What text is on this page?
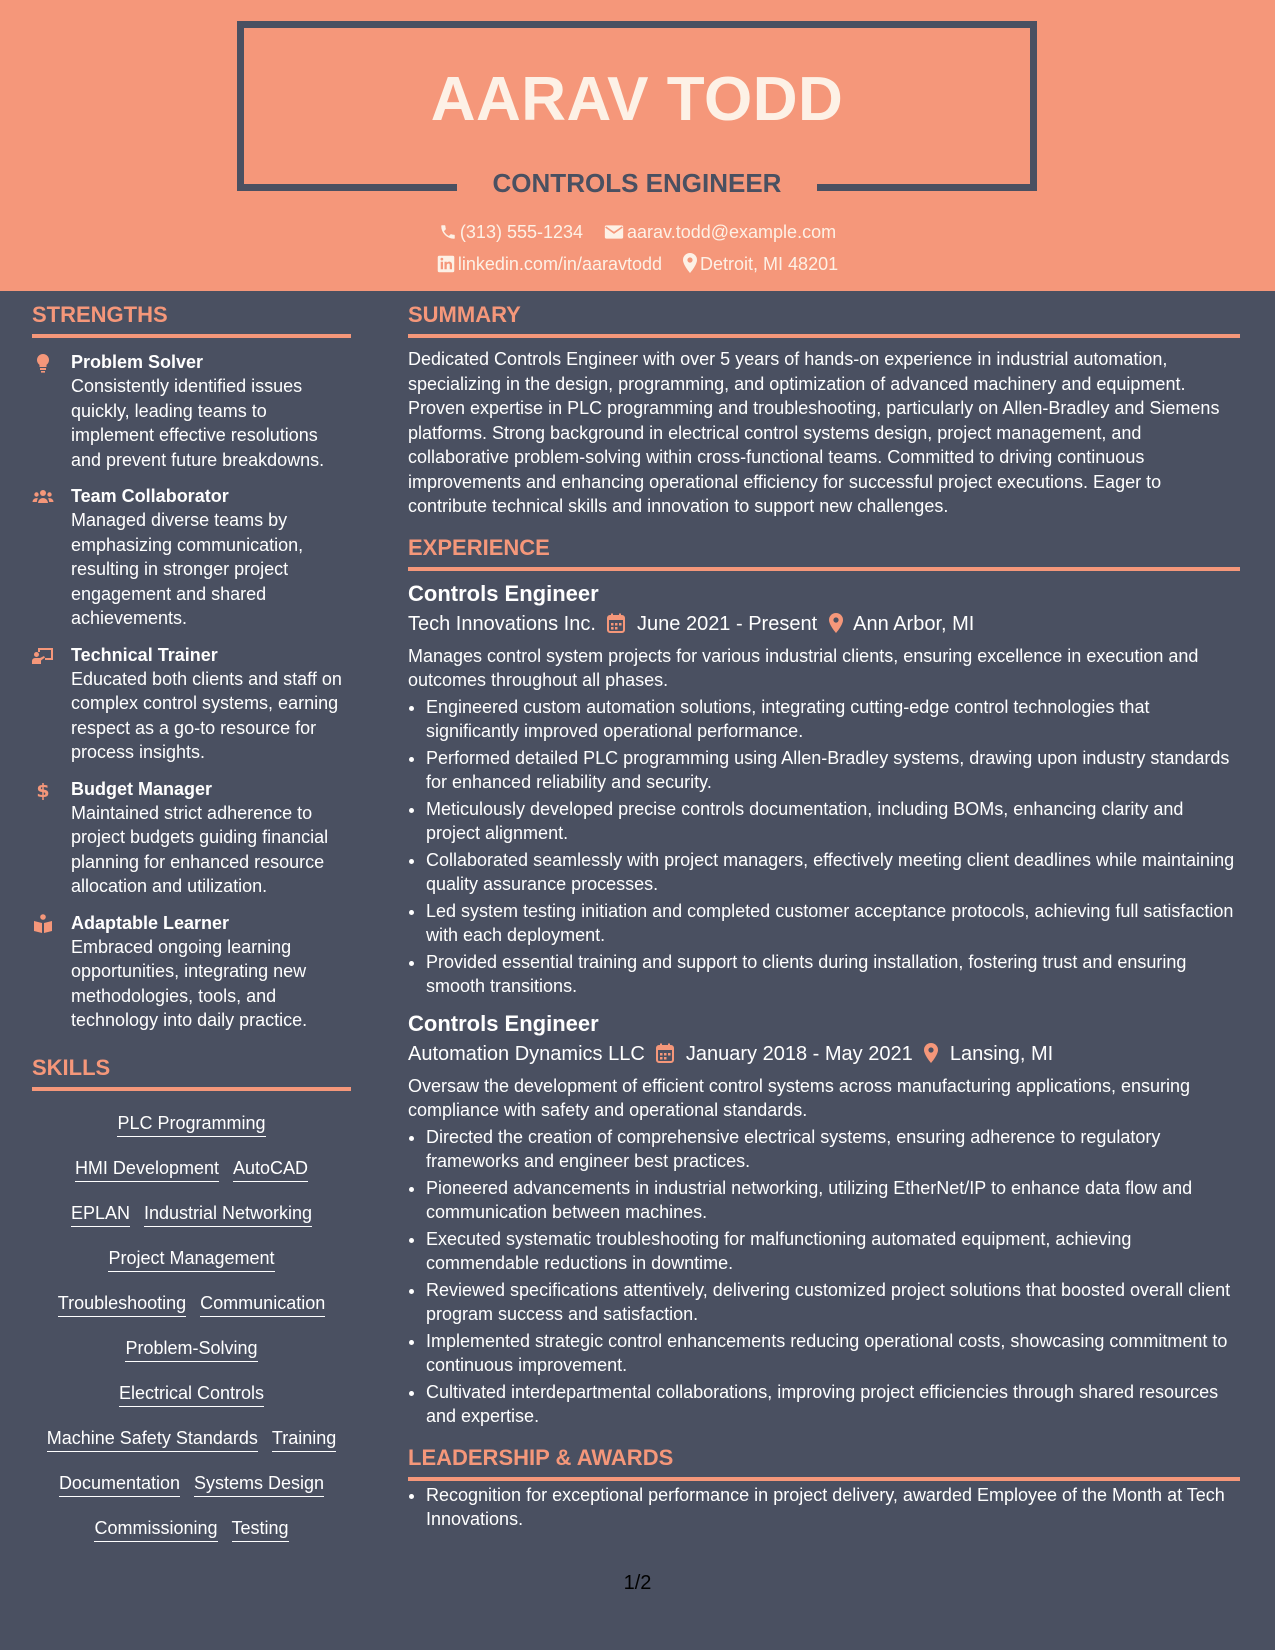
AARAV TODD
CONTROLS ENGINEER
(313) 555-1234 aarav.todd@example.com
linkedin.com/in/aaravtodd Detroit, MI 48201
STRENGTHS
Problem Solver
Consistently identified issues quickly, leading teams to implement effective resolutions and prevent future breakdowns.
Team Collaborator
Managed diverse teams by emphasizing communication, resulting in stronger project engagement and shared achievements.
Technical Trainer
Educated both clients and staff on complex control systems, earning respect as a go-to resource for process insights.
$ Budget Manager
Maintained strict adherence to project budgets guiding financial planning for enhanced resource allocation and utilization.
Adaptable Learner
Embraced ongoing learning opportunities, integrating new methodologies, tools, and technology into daily practice.
SKILLS
PLC Programming
HMI Development AutoCAD
EPLAN Industrial Networking
Project Management
Troubleshooting Communication
Problem-Solving
Electrical Controls
Machine Safety Standards Training
Documentation Systems Design
Commissioning Testing
SUMMARY
Dedicated Controls Engineer with over 5 years of hands-on experience in industrial automation, specializing in the design, programming, and optimization of advanced machinery and equipment. Proven expertise in PLC programming and troubleshooting, particularly on Allen-Bradley and Siemens platforms. Strong background in electrical control systems design, project management, and collaborative problem-solving within cross-functional teams. Committed to driving continuous improvements and enhancing operational efficiency for successful project executions. Eager to contribute technical skills and innovation to support new challenges.
EXPERIENCE
Controls Engineer
Tech Innovations Inc. June 2021 - Present Ann Arbor, MI
Manages control system projects for various industrial clients, ensuring excellence in execution and outcomes throughout all phases.
• Engineered custom automation solutions, integrating cutting-edge control technologies that significantly improved operational performance.
• Performed detailed PLC programming using Allen-Bradley systems, drawing upon industry standards for enhanced reliability and security.
• Meticulously developed precise controls documentation, including BOMs, enhancing clarity and project alignment.
• Collaborated seamlessly with project managers, effectively meeting client deadlines while maintaining quality assurance processes.
• Led system testing initiation and completed customer acceptance protocols, achieving full satisfaction with each deployment.
• Provided essential training and support to clients during installation, fostering trust and ensuring smooth transitions.
Controls Engineer
Automation Dynamics LLC January 2018 - May 2021 Lansing, MI
Oversaw the development of efficient control systems across manufacturing applications, ensuring compliance with safety and operational standards.
• Directed the creation of comprehensive electrical systems, ensuring adherence to regulatory frameworks and engineer best practices.
• Pioneered advancements in industrial networking, utilizing EtherNet/IP to enhance data flow and communication between machines.
• Executed systematic troubleshooting for malfunctioning automated equipment, achieving commendable reductions in downtime.
• Reviewed specifications attentively, delivering customized project solutions that boosted overall client program success and satisfaction.
• Implemented strategic control enhancements reducing operational costs, showcasing commitment to continuous improvement.
• Cultivated interdepartmental collaborations, improving project efficiencies through shared resources and expertise.
LEADERSHIP & AWARDS
• Recognition for exceptional performance in project delivery, awarded Employee of the Month at Tech Innovations.
1/2
